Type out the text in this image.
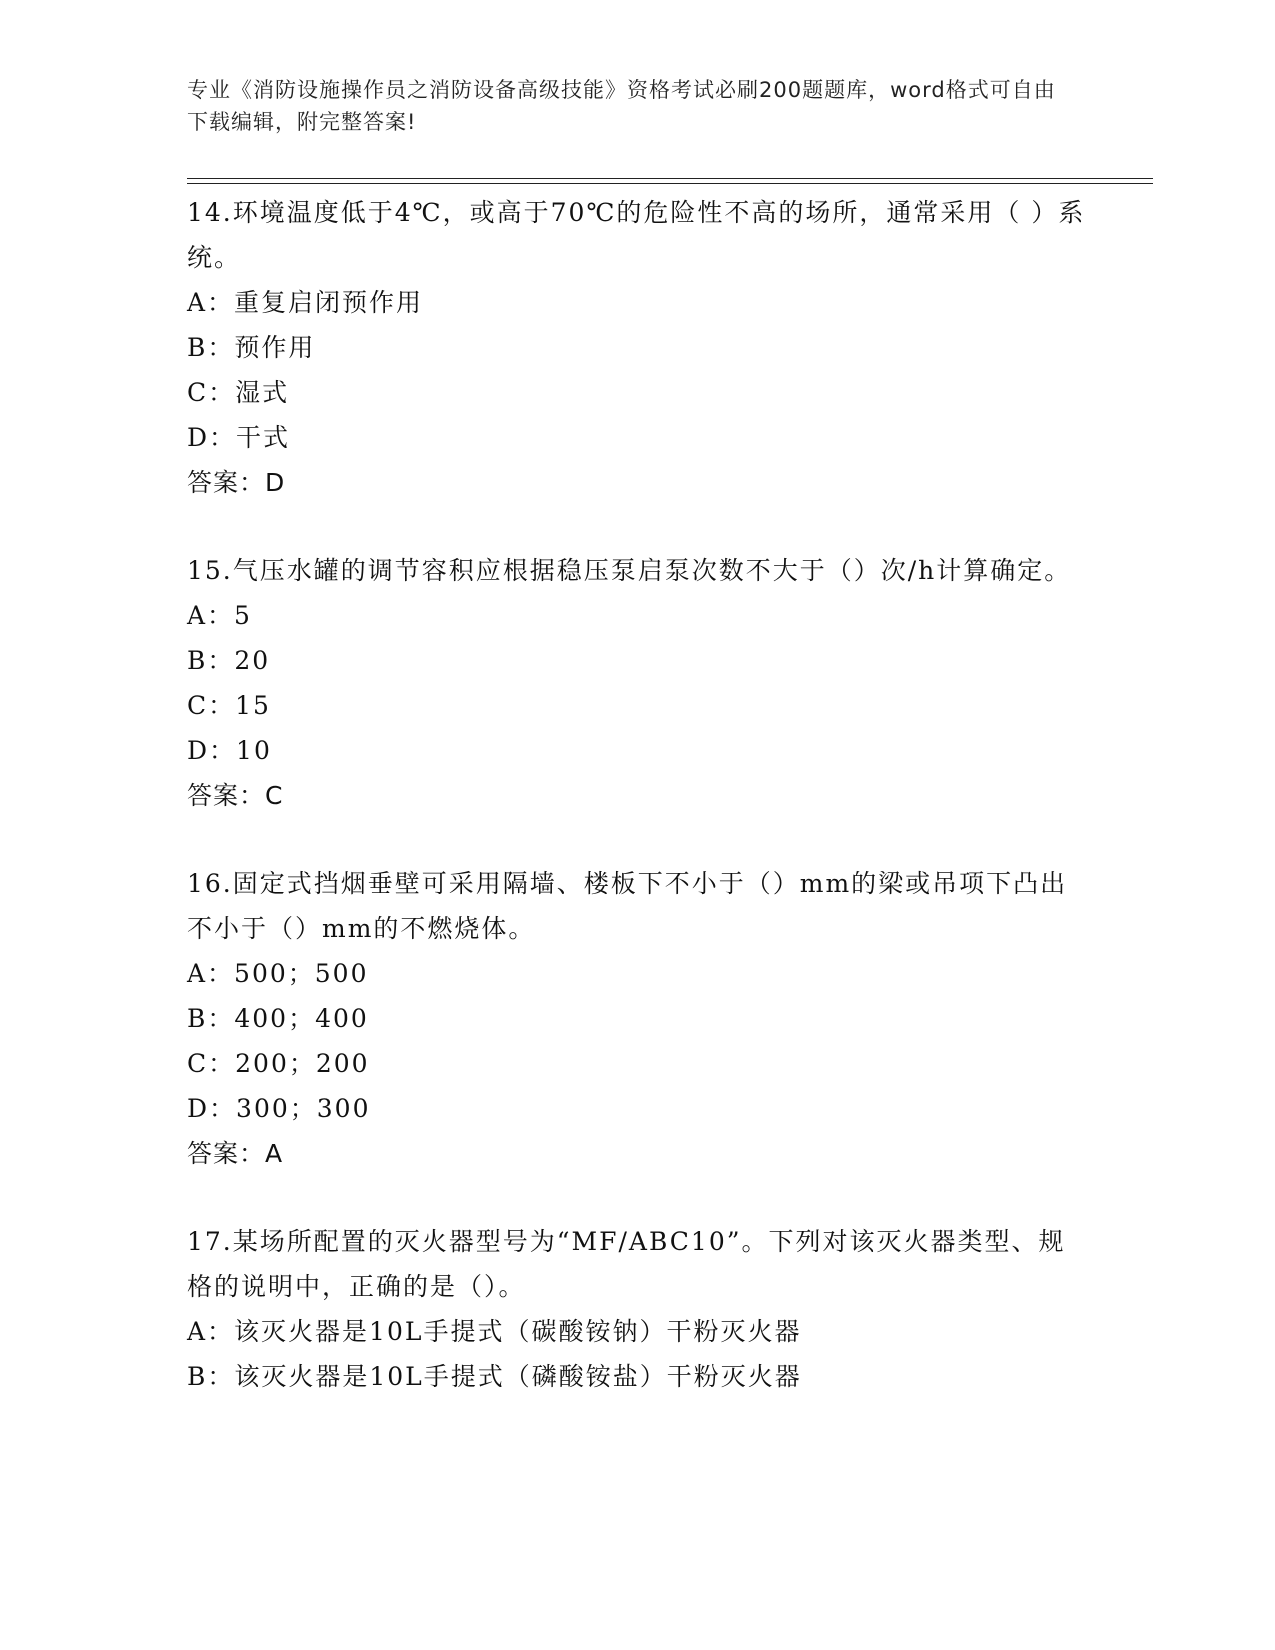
专业《消防设施操作员之消防设备高级技能》资格考试必刷200题题库，word格式可自由下载编辑，附完整答案!

14.环境温度低于4℃，或高于70℃的危险性不高的场所，通常采用（ ）系统。

A：重复启闭预作用

B：预作用

C：湿式

D：干式

答案：D

15.气压水罐的调节容积应根据稳压泵启泵次数不大于（）次/h计算确定。

A：5

B：20

C：15

D：10

答案：C

16.固定式挡烟垂壁可采用隔墙、楼板下不小于（）mm的梁或吊项下凸出不小于（）mm的不燃烧体。

A：500；500

B：400；400

C：200；200

D：300；300

答案：A

17.某场所配置的灭火器型号为“MF/ABC10”。下列对该灭火器类型、规格的说明中，正确的是（）。

A：该灭火器是10L手提式（碳酸铵钠）干粉灭火器

B：该灭火器是10L手提式（磷酸铵盐）干粉灭火器
